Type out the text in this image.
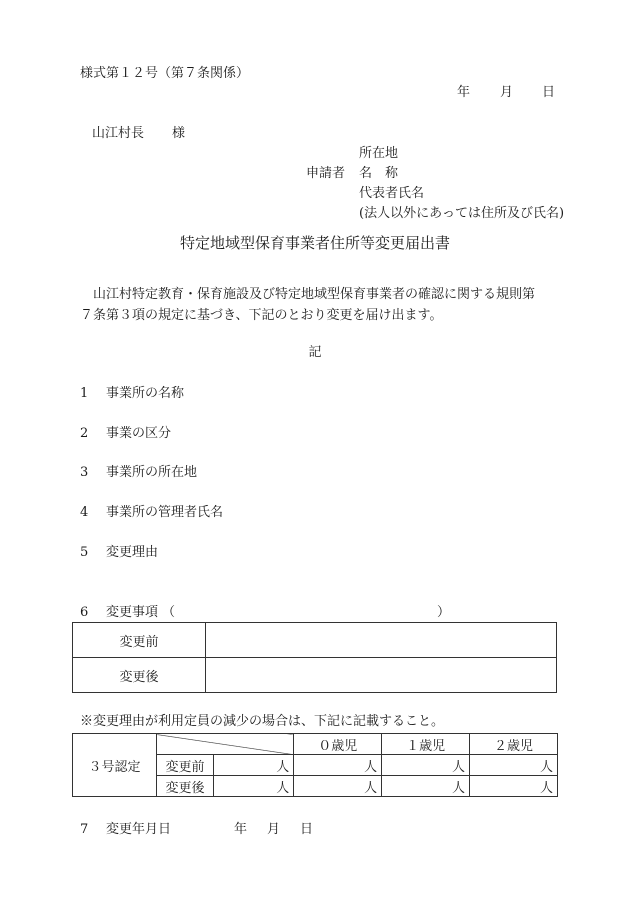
様式第１２号（第７条関係）
年 月 日
山江村長 様
申請者
所在地
名　称
代表者氏名
(法人以外にあっては住所及び氏名)
特定地域型保育事業者住所等変更届出書

山江村特定教育・保育施設及び特定地域型保育事業者の確認に関する規則第

７条第３項の規定に基づき、下記のとおり変更を届け出ます。

記
1 事業所の名称
2 事業の区分
3 事業所の所在地
4 事業所の管理者氏名
5 変更理由
6 変更事項 （	）
変更前	
変更後	
※変更理由が利用定員の減少の場合は、下記に記載すること。
３号認定			０歳児	１歳児	２歳児
	変更前	人	人	人	人
	変更後	人	人	人	人
7 変更年月日	年 月 日
